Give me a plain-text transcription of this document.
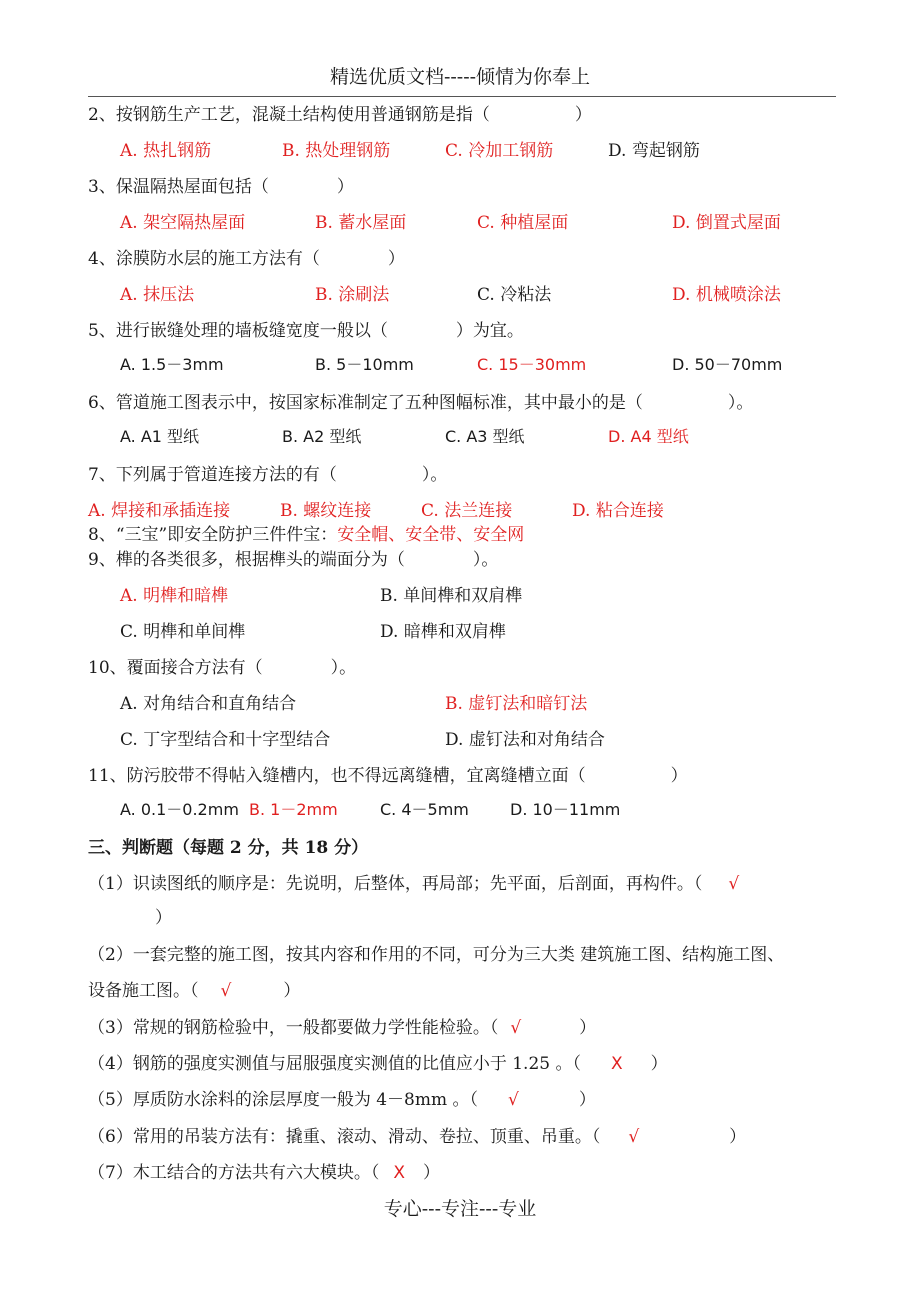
精选优质文档-----倾情为你奉上
2、按钢筋生产工艺，混凝土结构使用普通钢筋是指（　　　　　）
A. 热扎钢筋	B. 热处理钢筋	C. 冷加工钢筋	D. 弯起钢筋
3、保温隔热屋面包括（　　　　）
A. 架空隔热屋面	B. 蓄水屋面	C. 种植屋面	D. 倒置式屋面
4、涂膜防水层的施工方法有（　　　　）
A. 抹压法	B. 涂刷法	C. 冷粘法	D. 机械喷涂法
5、进行嵌缝处理的墙板缝宽度一般以（　　　　）为宜。
A. 1.5－3mm	B. 5－10mm	C. 15－30mm	D. 50－70mm
6、管道施工图表示中，按国家标准制定了五种图幅标准，其中最小的是（　　　　　）。
A. A1 型纸	B. A2 型纸	C. A3 型纸	D. A4 型纸
7、下列属于管道连接方法的有（　　　　　）。
A. 焊接和承插连接	B. 螺纹连接	C. 法兰连接	D. 粘合连接
8、“三宝”即安全防护三件件宝：安全帽、安全带、安全网
9、榫的各类很多，根据榫头的端面分为（　　　　）。
A. 明榫和暗榫	B. 单间榫和双肩榫
C. 明榫和单间榫	D. 暗榫和双肩榫
10、覆面接合方法有（　　　　）。
A. 对角结合和直角结合	B. 虚钉法和暗钉法
C. 丁字型结合和十字型结合	D. 虚钉法和对角结合
11、防污胶带不得帖入缝槽内，也不得远离缝槽，宜离缝槽立面（　　　　　）
A. 0.1－0.2mm B. 1－2mm	C. 4－5mm	D. 10－11mm
三、判断题（每题 2 分，共 18 分）
（1）识读图纸的顺序是：先说明，后整体，再局部；先平面，后剖面，再构件。（ √
）
（2）一套完整的施工图，按其内容和作用的不同，可分为三大类 建筑施工图、结构施工图、
设备施工图。（ √	）
（3）常规的钢筋检验中，一般都要做力学性能检验。（ √	）
（4）钢筋的强度实测值与屈服强度实测值的比值应小于 1.25 。（ X ）
（5）厚质防水涂料的涂层厚度一般为 4－8mm 。（ √	）
（6）常用的吊装方法有：撬重、滚动、滑动、卷拉、顶重、吊重。（ √	）
（7）木工结合的方法共有六大模块。（ X ）
专心---专注---专业
